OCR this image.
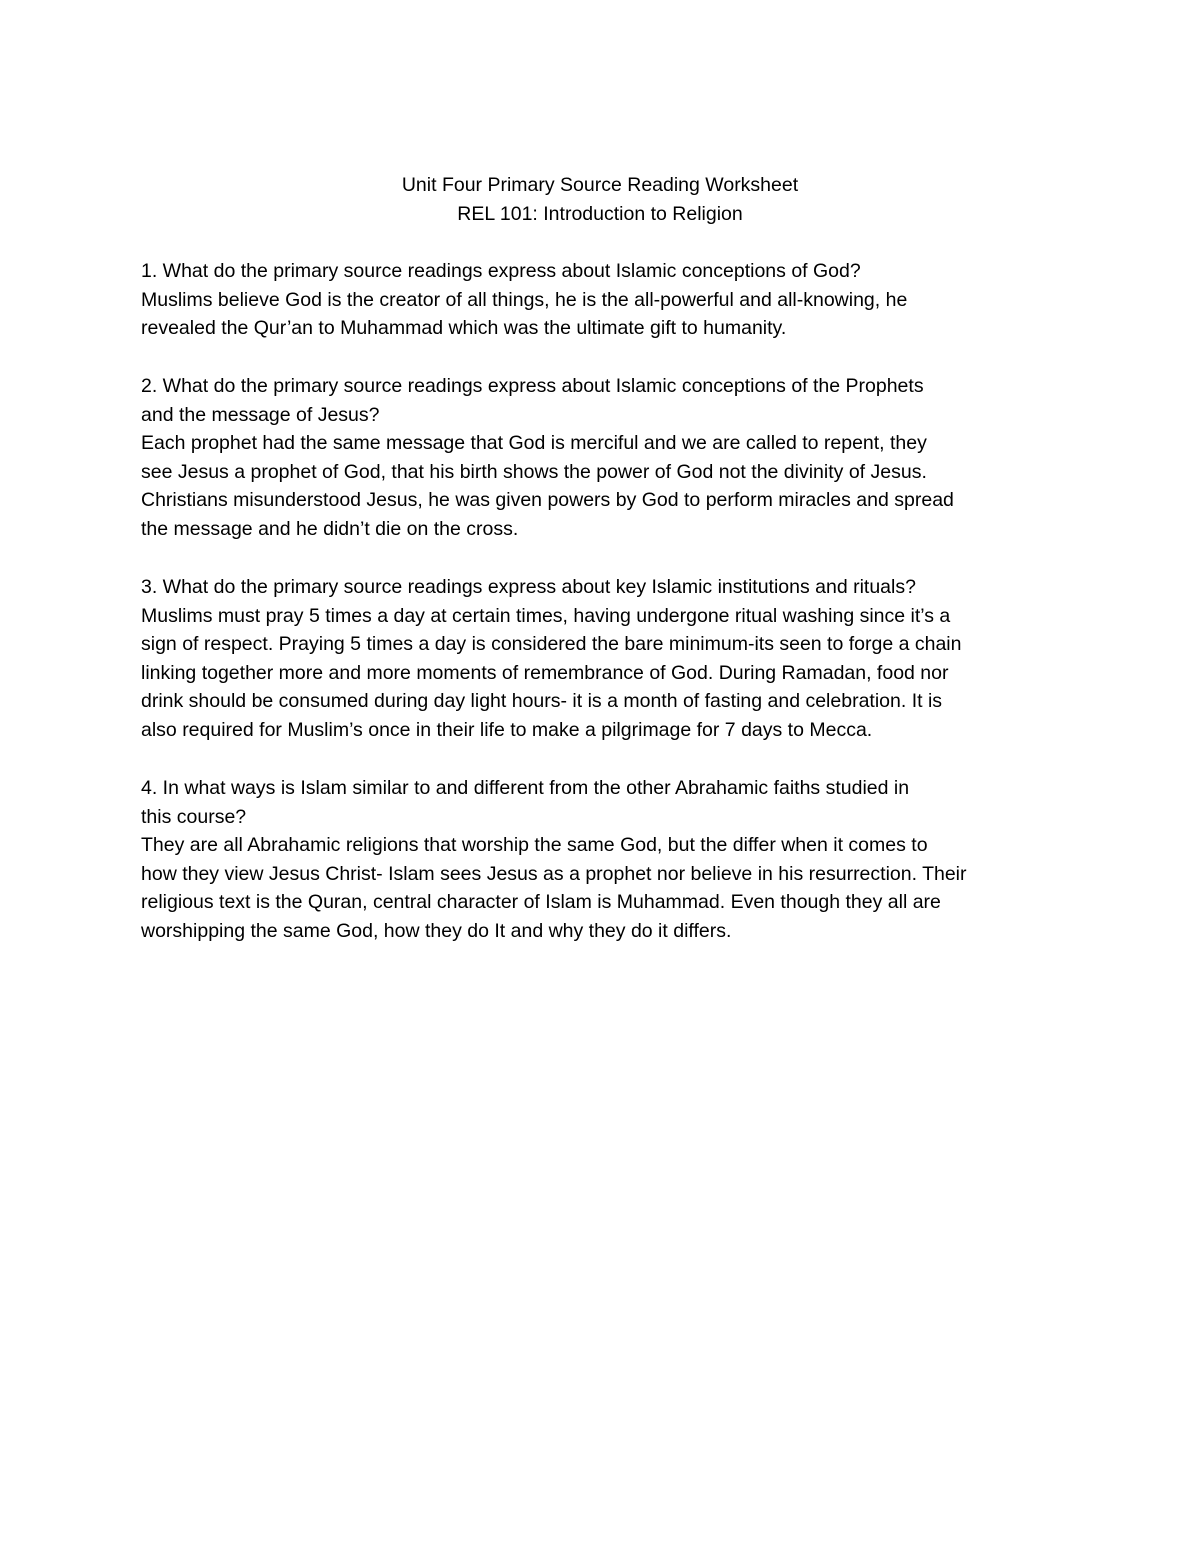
Unit Four Primary Source Reading Worksheet
REL 101: Introduction to Religion
1. What do the primary source readings express about Islamic conceptions of God?
Muslims believe God is the creator of all things, he is the all-powerful and all-knowing, he
revealed the Qur’an to Muhammad which was the ultimate gift to humanity.
2. What do the primary source readings express about Islamic conceptions of the Prophets
and the message of Jesus?
Each prophet had the same message that God is merciful and we are called to repent, they
see Jesus a prophet of God, that his birth shows the power of God not the divinity of Jesus.
Christians misunderstood Jesus, he was given powers by God to perform miracles and spread
the message and he didn’t die on the cross.
3. What do the primary source readings express about key Islamic institutions and rituals?
Muslims must pray 5 times a day at certain times, having undergone ritual washing since it’s a
sign of respect. Praying 5 times a day is considered the bare minimum-its seen to forge a chain
linking together more and more moments of remembrance of God. During Ramadan, food nor
drink should be consumed during day light hours- it is a month of fasting and celebration. It is
also required for Muslim’s once in their life to make a pilgrimage for 7 days to Mecca.
4. In what ways is Islam similar to and different from the other Abrahamic faiths studied in
this course?
They are all Abrahamic religions that worship the same God, but the differ when it comes to
how they view Jesus Christ- Islam sees Jesus as a prophet nor believe in his resurrection. Their
religious text is the Quran, central character of Islam is Muhammad. Even though they all are
worshipping the same God, how they do It and why they do it differs.
